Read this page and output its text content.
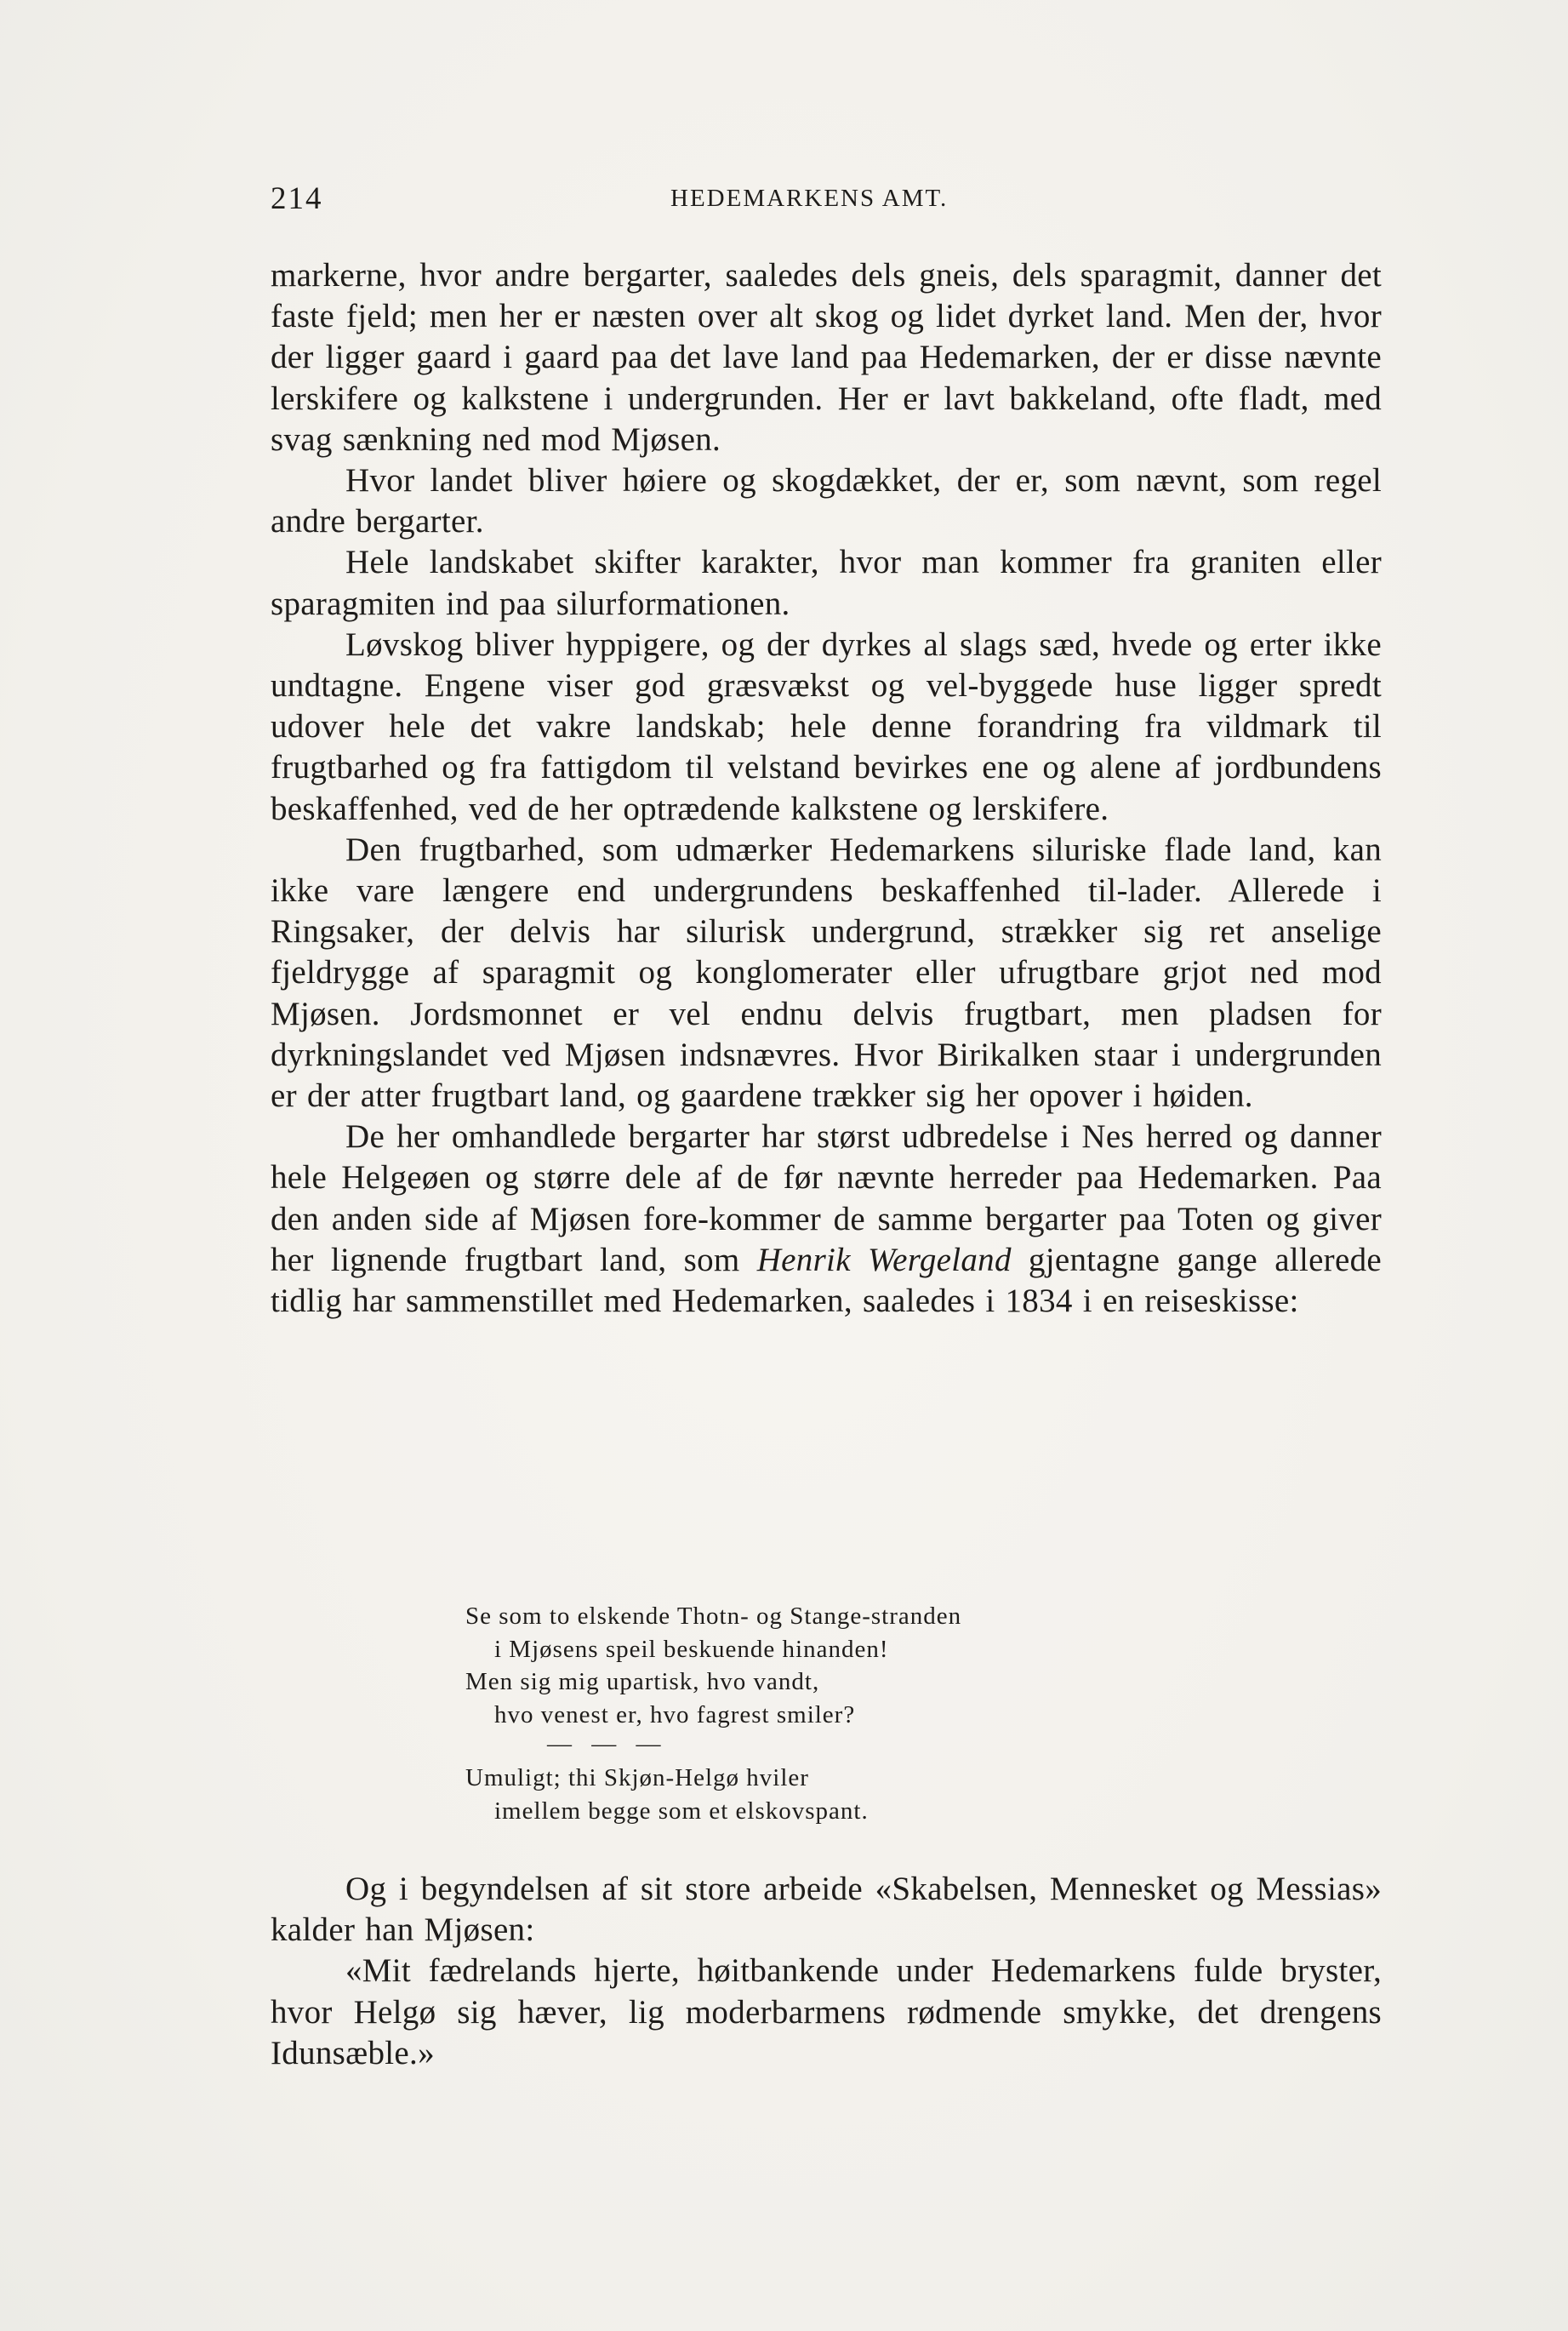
214	HEDEMARKENS AMT.

markerne, hvor andre bergarter, saaledes dels gneis, dels sparagmit, danner det faste fjeld; men her er næsten over alt skog og lidet dyrket land. Men der, hvor der ligger gaard i gaard paa det lave land paa Hedemarken, der er disse nævnte lerskifere og kalkstene i undergrunden. Her er lavt bakkeland, ofte fladt, med svag sænkning ned mod Mjøsen.

Hvor landet bliver høiere og skogdækket, der er, som nævnt, som regel andre bergarter.

Hele landskabet skifter karakter, hvor man kommer fra graniten eller sparagmiten ind paa silurformationen.

Løvskog bliver hyppigere, og der dyrkes al slags sæd, hvede og erter ikke undtagne. Engene viser god græsvækst og vel-byggede huse ligger spredt udover hele det vakre landskab; hele denne forandring fra vildmark til frugtbarhed og fra fattigdom til velstand bevirkes ene og alene af jordbundens beskaffenhed, ved de her optrædende kalkstene og lerskifere.

Den frugtbarhed, som udmærker Hedemarkens siluriske flade land, kan ikke vare længere end undergrundens beskaffenhed til-lader. Allerede i Ringsaker, der delvis har silurisk undergrund, strækker sig ret anselige fjeldrygge af sparagmit og konglomerater eller ufrugtbare grjot ned mod Mjøsen. Jordsmonnet er vel endnu delvis frugtbart, men pladsen for dyrkningslandet ved Mjøsen indsnævres. Hvor Birikalken staar i undergrunden er der atter frugtbart land, og gaardene trækker sig her opover i høiden.

De her omhandlede bergarter har størst udbredelse i Nes herred og danner hele Helgeøen og større dele af de før nævnte herreder paa Hedemarken. Paa den anden side af Mjøsen fore-kommer de samme bergarter paa Toten og giver her lignende frugtbart land, som Henrik Wergeland gjentagne gange allerede tidlig har sammenstillet med Hedemarken, saaledes i 1834 i en reiseskisse:

Se som to elskende Thotn- og Stange-stranden
i Mjøsens speil beskuende hinanden!
Men sig mig upartisk, hvo vandt,
hvo venest er, hvo fagrest smiler?
— — —
Umuligt; thi Skjøn-Helgø hviler
imellem begge som et elskovspant.

Og i begyndelsen af sit store arbeide «Skabelsen, Mennesket og Messias» kalder han Mjøsen:

«Mit fædrelands hjerte, høitbankende under Hedemarkens fulde bryster, hvor Helgø sig hæver, lig moderbarmens rødmende smykke, det drengens Idunsæble.»
